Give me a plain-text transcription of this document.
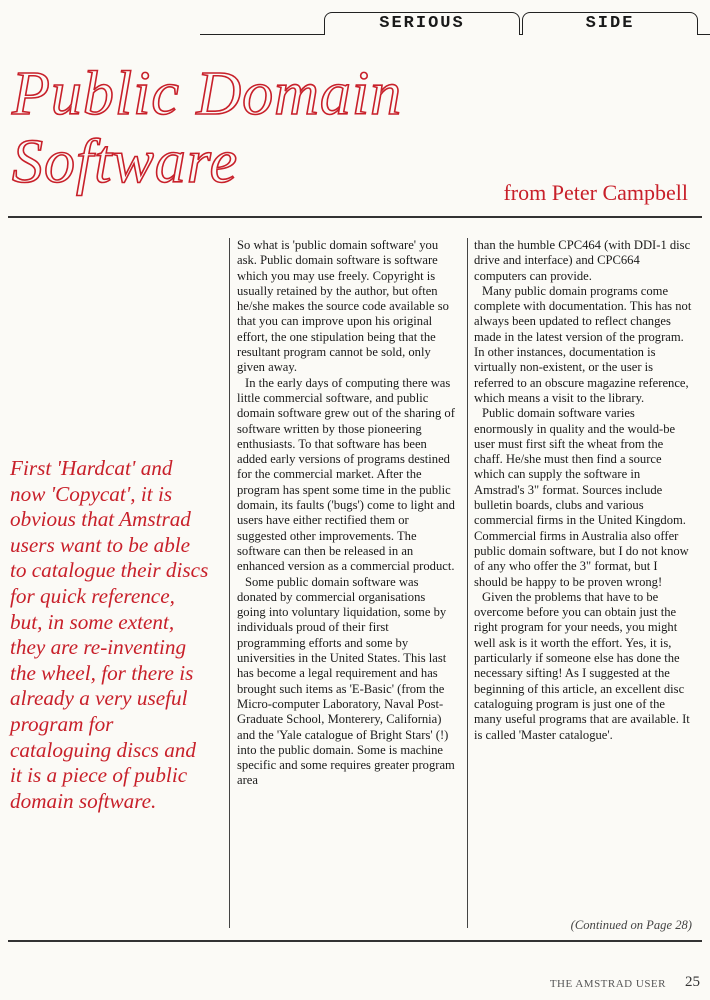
SERIOUS	SIDE
Public Domain
Software	from Peter Campbell
First 'Hardcat' and now 'Copycat', it is obvious that Amstrad users want to be able to catalogue their discs for quick reference, but, in some extent, they are re-inventing the wheel, for there is already a very useful program for cataloguing discs and it is a piece of public domain software.

So what is 'public domain software' you ask. Public domain software is software which you may use freely. Copyright is usually retained by the author, but often he/she makes the source code available so that you can improve upon his original effort, the one stipulation being that the resultant program cannot be sold, only given away.

In the early days of computing there was little commercial software, and public domain software grew out of the sharing of software written by those pioneering enthusiasts. To that software has been added early versions of programs destined for the commercial market. After the program has spent some time in the public domain, its faults ('bugs') come to light and users have either rectified them or suggested other improvements. The software can then be released in an enhanced version as a commercial product.

Some public domain software was donated by commercial organisations going into voluntary liquidation, some by individuals proud of their first programming efforts and some by universities in the United States. This last has become a legal requirement and has brought such items as 'E-Basic' (from the Micro-computer Laboratory, Naval Post-Graduate School, Monterery, California) and the 'Yale catalogue of Bright Stars' (!) into the public domain. Some is machine specific and some requires greater program area

than the humble CPC464 (with DDI-1 disc drive and interface) and CPC664 computers can provide.

Many public domain programs come complete with documentation. This has not always been updated to reflect changes made in the latest version of the program. In other instances, documentation is virtually non-existent, or the user is referred to an obscure magazine reference, which means a visit to the library.

Public domain software varies enormously in quality and the would-be user must first sift the wheat from the chaff. He/she must then find a source which can supply the software in Amstrad's 3" format. Sources include bulletin boards, clubs and various commercial firms in the United Kingdom. Commercial firms in Australia also offer public domain software, but I do not know of any who offer the 3" format, but I should be happy to be proven wrong!

Given the problems that have to be overcome before you can obtain just the right program for your needs, you might well ask is it worth the effort. Yes, it is, particularly if someone else has done the necessary sifting! As I suggested at the beginning of this article, an excellent disc cataloguing program is just one of the many useful programs that are available. It is called 'Master catalogue'.

(Continued on Page 28)
THE AMSTRAD USER 25
